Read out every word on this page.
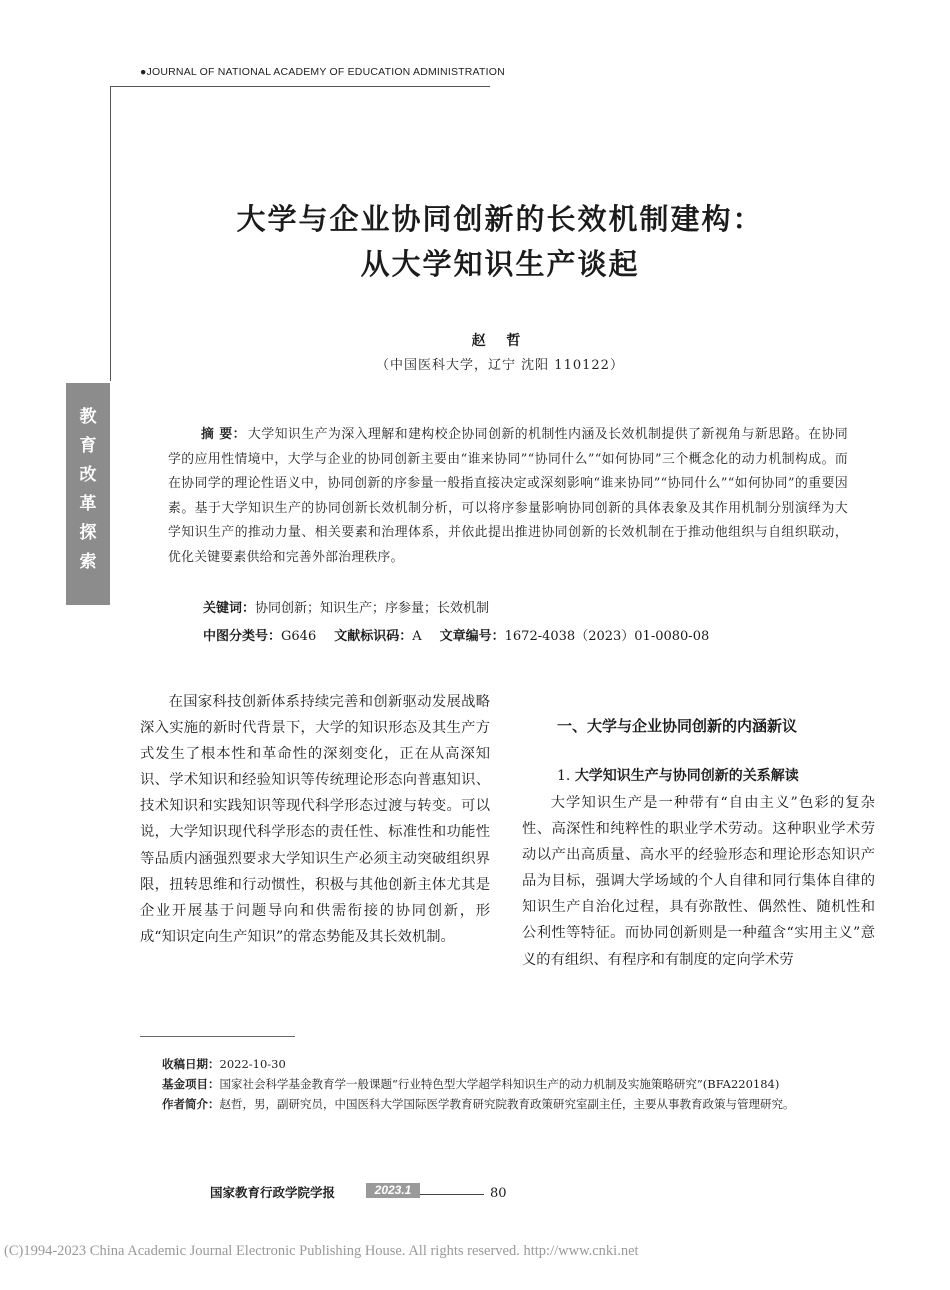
●JOURNAL OF NATIONAL ACADEMY OF EDUCATION ADMINISTRATION
大学与企业协同创新的长效机制建构：
从大学知识生产谈起
赵 哲
（中国医科大学，辽宁 沈阳 110122）
教
育
改
革
探
索
摘 要： 大学知识生产为深入理解和建构校企协同创新的机制性内涵及长效机制提供了新视角与新思路。在协同学的应用性情境中，大学与企业的协同创新主要由“谁来协同”“协同什么”“如何协同”三个概念化的动力机制构成。而在协同学的理论性语义中，协同创新的序参量一般指直接决定或深刻影响“谁来协同”“协同什么”“如何协同”的重要因素。基于大学知识生产的协同创新长效机制分析，可以将序参量影响协同创新的具体表象及其作用机制分别演绎为大学知识生产的推动力量、相关要素和治理体系，并依此提出推进协同创新的长效机制在于推动他组织与自组织联动，优化关键要素供给和完善外部治理秩序。
关键词：协同创新；知识生产；序参量；长效机制
中图分类号：G646 文献标识码：A 文章编号：1672-4038（2023）01-0080-08
在国家科技创新体系持续完善和创新驱动发展战略深入实施的新时代背景下，大学的知识形态及其生产方式发生了根本性和革命性的深刻变化，正在从高深知识、学术知识和经验知识等传统理论形态向普惠知识、技术知识和实践知识等现代科学形态过渡与转变。可以说，大学知识现代科学形态的责任性、标准性和功能性等品质内涵强烈要求大学知识生产必须主动突破组织界限，扭转思维和行动惯性，积极与其他创新主体尤其是企业开展基于问题导向和供需衔接的协同创新，形成“知识定向生产知识”的常态势能及其长效机制。
一、大学与企业协同创新的内涵新议
1. 大学知识生产与协同创新的关系解读
大学知识生产是一种带有“自由主义”色彩的复杂性、高深性和纯粹性的职业学术劳动。这种职业学术劳动以产出高质量、高水平的经验形态和理论形态知识产品为目标，强调大学场域的个人自律和同行集体自律的知识生产自治化过程，具有弥散性、偶然性、随机性和公利性等特征。而协同创新则是一种蕴含“实用主义”意义的有组织、有程序和有制度的定向学术劳

收稿日期：2022-10-30

基金项目：国家社会科学基金教育学一般课题“行业特色型大学超学科知识生产的动力机制及实施策略研究”(BFA220184)

作者简介：赵哲，男，副研究员，中国医科大学国际医学教育研究院教育政策研究室副主任，主要从事教育政策与管理研究。

国家教育行政学院学报	2023.1	80
(C)1994-2023 China Academic Journal Electronic Publishing House. All rights reserved. http://www.cnki.net
